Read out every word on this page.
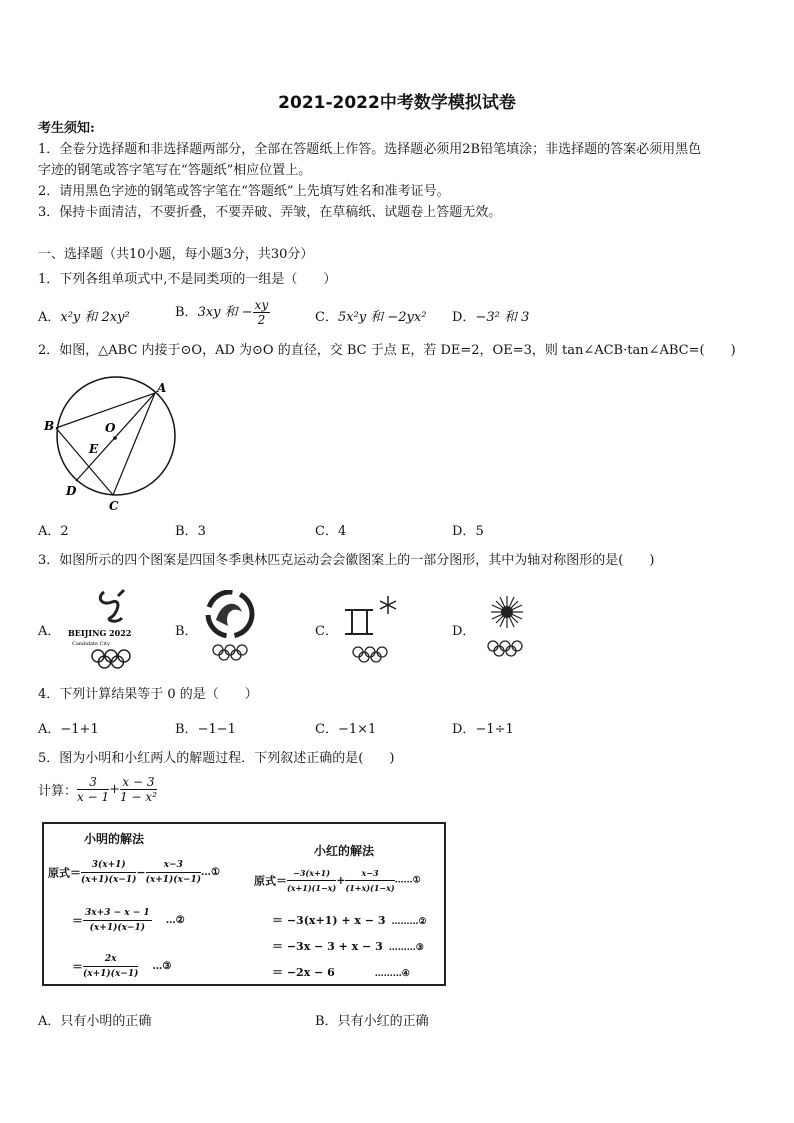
2021-2022中考数学模拟试卷
考生须知:
1．全卷分选择题和非选择题两部分，全部在答题纸上作答。选择题必须用2B铅笔填涂；非选择题的答案必须用黑色
字迹的钢笔或答字笔写在“答题纸”相应位置上。
2．请用黑色字迹的钢笔或答字笔在“答题纸”上先填写姓名和准考证号。
3．保持卡面清洁，不要折叠，不要弄破、弄皱，在草稿纸、试题卷上答题无效。
一、选择题（共10小题，每小题3分，共30分）
1．下列各组单项式中,不是同类项的一组是（　　）
A．x²y 和 2xy²	B．3xy 和 − $\frac{xy}{2}$	C．5x²y 和 −2yx² D．−3² 和 3
2．如图，△ABC 内接于⊙O，AD 为⊙O 的直径，交 BC 于点 E，若 DE=2，OE=3，则 tan∠ACB·tan∠ABC=(　　)
A
B
C
D
E
O
A．2	B．3	C．4	D．5
3．如图所示的四个图案是四国冬季奥林匹克运动会会徽图案上的一部分图形，其中为轴对称图形的是(　　)
A． BEIJING 2022
Candidate City
B．	C．	D．
4．下列计算结果等于 0 的是（　　）
A．−1+1	B．−1−1	C．−1×1	D．−1÷1
5．图为小明和小红两人的解题过程．下列叙述正确的是(　　)
计算： $\frac{3}{x - 1} + \frac{x - 3}{\text{1 − x²}}$
小明的解法
原式＝ $\frac{3(x+1)}{(x+1)(x-1)} - \frac{x-3}{(x+1)(x-1)}$ …①
＝ $\frac{3x+3 - x - 1}{(x+1)(x-1)}$ …②
＝ $\frac{2x}{(x+1)(x-1)}$ …③
小红的解法
原式＝ $\frac{-3(x+1)}{(x+1)(1-x)} + \frac{x-3}{(1+x)(1-x)}$ ……①
＝ −3(x+1) + x − 3 ………②
＝ −3x − 3 + x − 3 ………③
＝ −2x − 6	………④
A．只有小明的正确	B．只有小红的正确
